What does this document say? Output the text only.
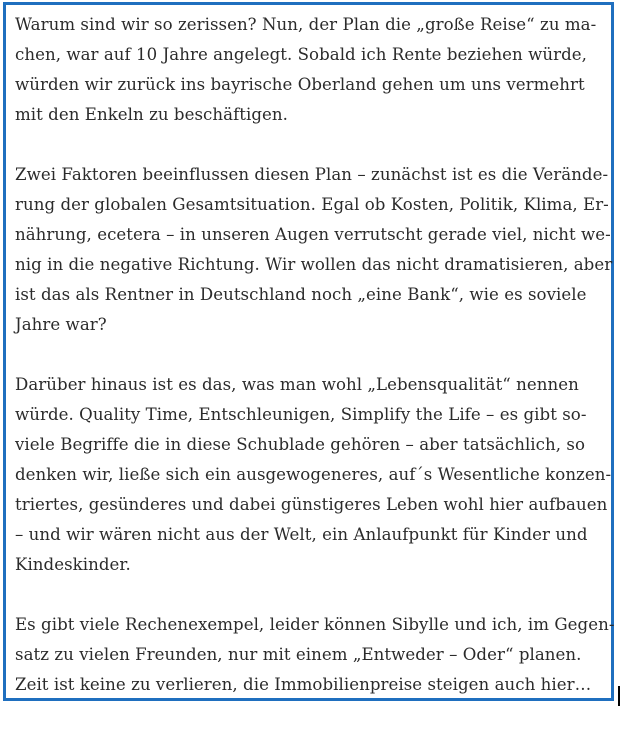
Warum sind wir so zerissen? Nun, der Plan die „große Reise“ zu ma-
chen, war auf 10 Jahre angelegt. Sobald ich Rente beziehen würde,
würden wir zurück ins bayrische Oberland gehen um uns vermehrt
mit den Enkeln zu beschäftigen.

Zwei Faktoren beeinflussen diesen Plan – zunächst ist es die Verände-
rung der globalen Gesamtsituation. Egal ob Kosten, Politik, Klima, Er-
nährung, ecetera – in unseren Augen verrutscht gerade viel, nicht we-
nig in die negative Richtung. Wir wollen das nicht dramatisieren, aber
ist das als Rentner in Deutschland noch „eine Bank“, wie es soviele
Jahre war?

Darüber hinaus ist es das, was man wohl „Lebensqualität“ nennen
würde. Quality Time, Entschleunigen, Simplify the Life – es gibt so-
viele Begriffe die in diese Schublade gehören – aber tatsächlich, so
denken wir, ließe sich ein ausgewogeneres, auf´s Wesentliche konzen-
triertes, gesünderes und dabei günstigeres Leben wohl hier aufbauen
– und wir wären nicht aus der Welt, ein Anlaufpunkt für Kinder und
Kindeskinder.

Es gibt viele Rechenexempel, leider können Sibylle und ich, im Gegen-
satz zu vielen Freunden, nur mit einem „Entweder – Oder“ planen.
Zeit ist keine zu verlieren, die Immobilienpreise steigen auch hier…
